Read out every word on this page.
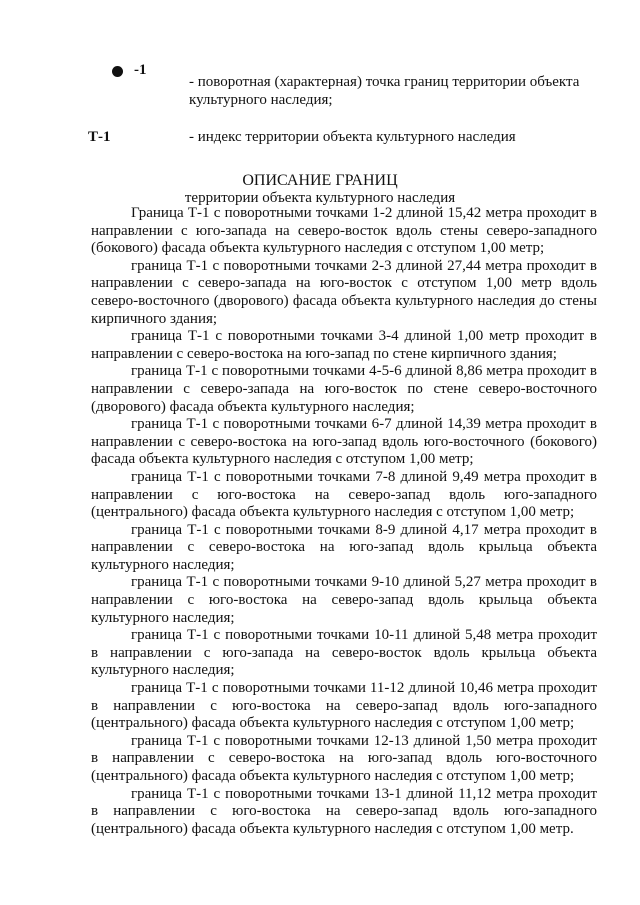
-1
- поворотная (характерная) точка границ территории объекта культурного наследия;
Т-1	- индекс территории объекта культурного наследия
ОПИСАНИЕ ГРАНИЦ
территории объекта культурного наследия

Граница Т-1 с поворотными точками 1-2 длиной 15,42 метра проходит в направлении с юго-запада на северо-восток вдоль стены северо-западного (бокового) фасада объекта культурного наследия с отступом 1,00 метр;

граница Т-1 с поворотными точками 2-3 длиной 27,44 метра проходит в направлении с северо-запада на юго-восток с отступом 1,00 метр вдоль северо-восточного (дворового) фасада объекта культурного наследия до стены кирпичного здания;

граница Т-1 с поворотными точками 3-4 длиной 1,00 метр проходит в направлении с северо-востока на юго-запад по стене кирпичного здания;

граница Т-1 с поворотными точками 4-5-6 длиной 8,86 метра проходит в направлении с северо-запада на юго-восток по стене северо-восточного (дворового) фасада объекта культурного наследия;

граница Т-1 с поворотными точками 6-7 длиной 14,39 метра проходит в направлении с северо-востока на юго-запад вдоль юго-восточного (бокового) фасада объекта культурного наследия с отступом 1,00 метр;

граница Т-1 с поворотными точками 7-8 длиной 9,49 метра проходит в направлении с юго-востока на северо-запад вдоль юго-западного (центрального) фасада объекта культурного наследия с отступом 1,00 метр;

граница Т-1 с поворотными точками 8-9 длиной 4,17 метра проходит в направлении с северо-востока на юго-запад вдоль крыльца объекта культурного наследия;

граница Т-1 с поворотными точками 9-10 длиной 5,27 метра проходит в направлении с юго-востока на северо-запад вдоль крыльца объекта культурного наследия;

граница Т-1 с поворотными точками 10-11 длиной 5,48 метра проходит в направлении с юго-запада на северо-восток вдоль крыльца объекта культурного наследия;

граница Т-1 с поворотными точками 11-12 длиной 10,46 метра проходит в направлении с юго-востока на северо-запад вдоль юго-западного (центрального) фасада объекта культурного наследия с отступом 1,00 метр;

граница Т-1 с поворотными точками 12-13 длиной 1,50 метра проходит в направлении с северо-востока на юго-запад вдоль юго-восточного (центрального) фасада объекта культурного наследия с отступом 1,00 метр;

граница Т-1 с поворотными точками 13-1 длиной 11,12 метра проходит в направлении с юго-востока на северо-запад вдоль юго-западного (центрального) фасада объекта культурного наследия с отступом 1,00 метр.
